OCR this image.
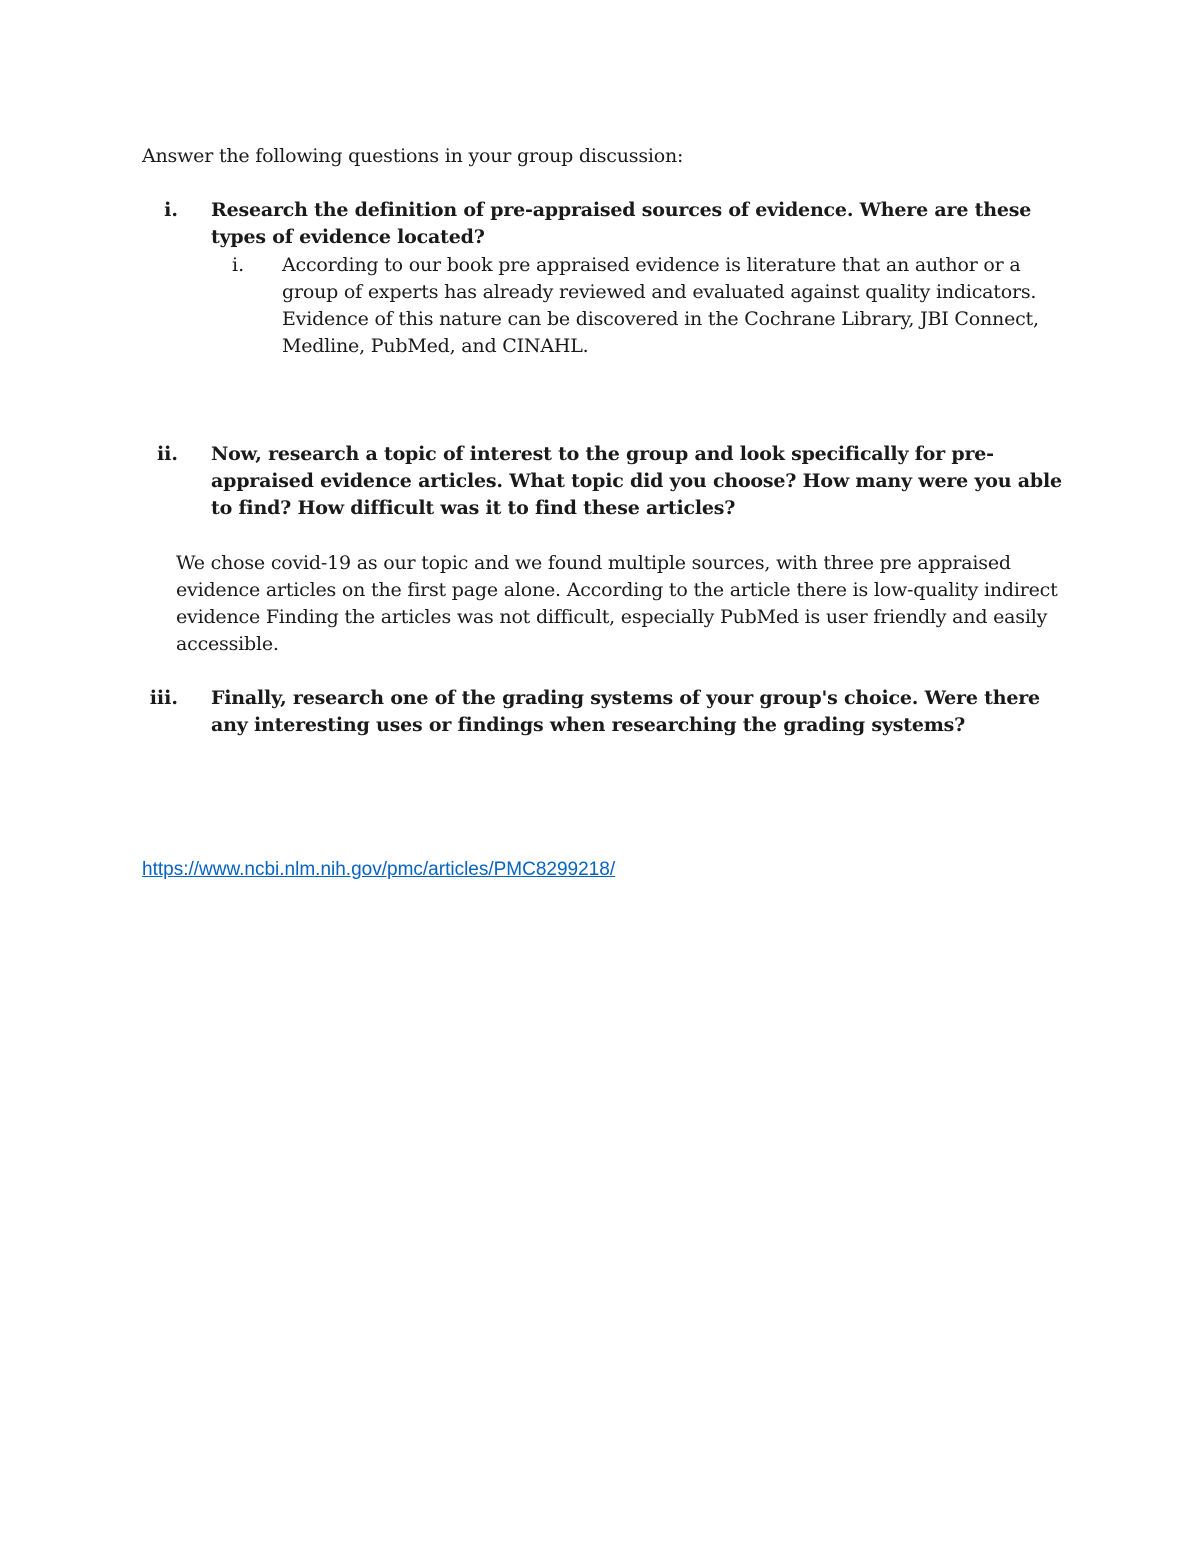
Answer the following questions in your group discussion:
i. Research the definition of pre-appraised sources of evidence. Where are these types of evidence located?
i. According to our book pre appraised evidence is literature that an author or a group of experts has already reviewed and evaluated against quality indicators. Evidence of this nature can be discovered in the Cochrane Library, JBI Connect, Medline, PubMed, and CINAHL.
ii. Now, research a topic of interest to the group and look specifically for pre-appraised evidence articles. What topic did you choose? How many were you able to find? How difficult was it to find these articles?
We chose covid-19 as our topic and we found multiple sources, with three pre appraised evidence articles on the first page alone. According to the article there is low-quality indirect evidence Finding the articles was not difficult, especially PubMed is user friendly and easily accessible.
iii. Finally, research one of the grading systems of your group's choice. Were there any interesting uses or findings when researching the grading systems?
https://www.ncbi.nlm.nih.gov/pmc/articles/PMC8299218/
